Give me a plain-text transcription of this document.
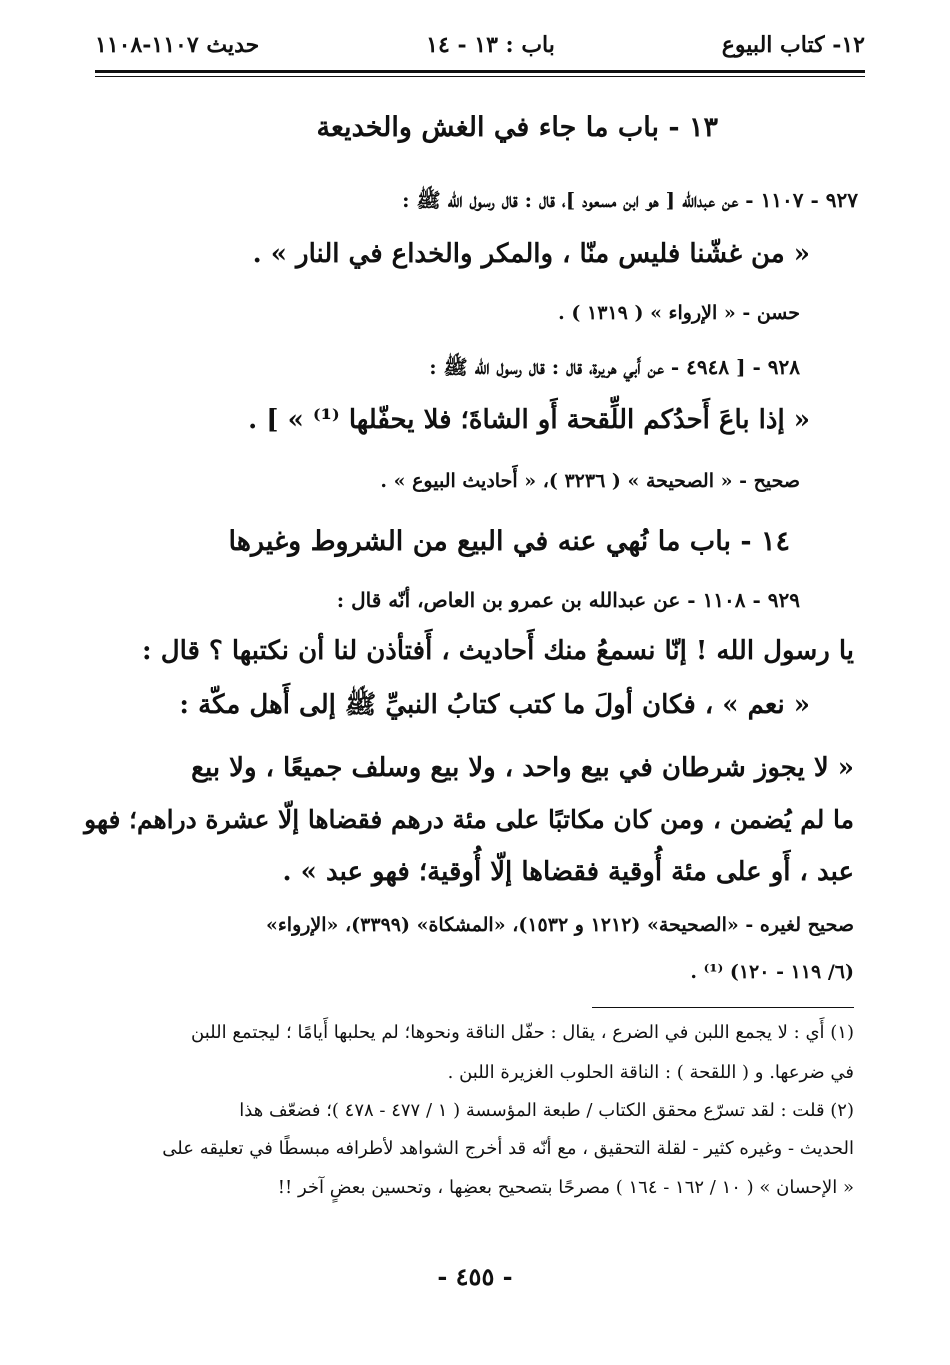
١٢- كتاب البيوع
باب : ١٣ - ١٤
حديث ١١٠٧-١١٠٨
١٣ - باب ما جاء في الغش والخديعة
٩٢٧ - ١١٠٧ - عن عبدالله [ هو ابن مسعود ]، قال : قال رسول الله ﷺ :
« من غشّنا فليس منّا ، والمكر والخداع في النار » .
حسن - « الإرواء » ( ١٣١٩ ) .
٩٢٨ - [ ٤٩٤٨ - عن أَبي هريرة، قال : قال رسول الله ﷺ :
« إذا باعَ أَحدُكم اللِّقحة أَو الشاةَ؛ فلا يحفّلها ⁽¹⁾ » ] .
صحيح - « الصحيحة » ( ٣٢٣٦ )، « أَحاديث البيوع » .
١٤ - باب ما نُهي عنه في البيع من الشروط وغيرها
٩٢٩ - ١١٠٨ - عن عبدالله بن عمرو بن العاص، أنّه قال :
يا رسول الله ! إنّا نسمعُ منك أَحاديث ، أَفتأذن لنا أن نكتبها ؟ قال :
« نعم » ، فكان أولَ ما كتب كتابُ النبيِّ ﷺ إلى أَهل مكّة :
« لا يجوز شرطان في بيع واحد ، ولا بيع وسلف جميعًا ، ولا بيع
ما لم يُضمن ، ومن كان مكاتبًا على مئة درهم فقضاها إلّا عشرة دراهم؛ فهو
عبد ، أَو على مئة أُوقية فقضاها إلّا أُوقية؛ فهو عبد » .
صحيح لغيره - «الصحيحة» (١٢١٢ و ١٥٣٢)، «المشكاة» (٣٣٩٩)، «الإرواء»
(٦/ ١١٩ - ١٢٠) ⁽¹⁾ .
(١) أَي : لا يجمع اللبن في الضرع ، يقال : حفّل الناقة ونحوها؛ لم يحلبها أَيامًا ؛ ليجتمع اللبن
في ضرعها. و ( اللقحة ) : الناقة الحلوب الغزيرة اللبن .
(٢) قلت : لقد تسرّع محقق الكتاب / طبعة المؤسسة ( ١ / ٤٧٧ - ٤٧٨ )؛ فضعّف هذا
الحديث - وغيره كثير - لقلة التحقيق ، مع أنّه قد أخرج الشواهد لأطرافه مبسطًا في تعليقه على
« الإحسان » ( ١٠ / ١٦٢ - ١٦٤ ) مصرحًا بتصحيح بعضِها ، وتحسين بعضٍ آخر !!
- ٤٥٥ -
